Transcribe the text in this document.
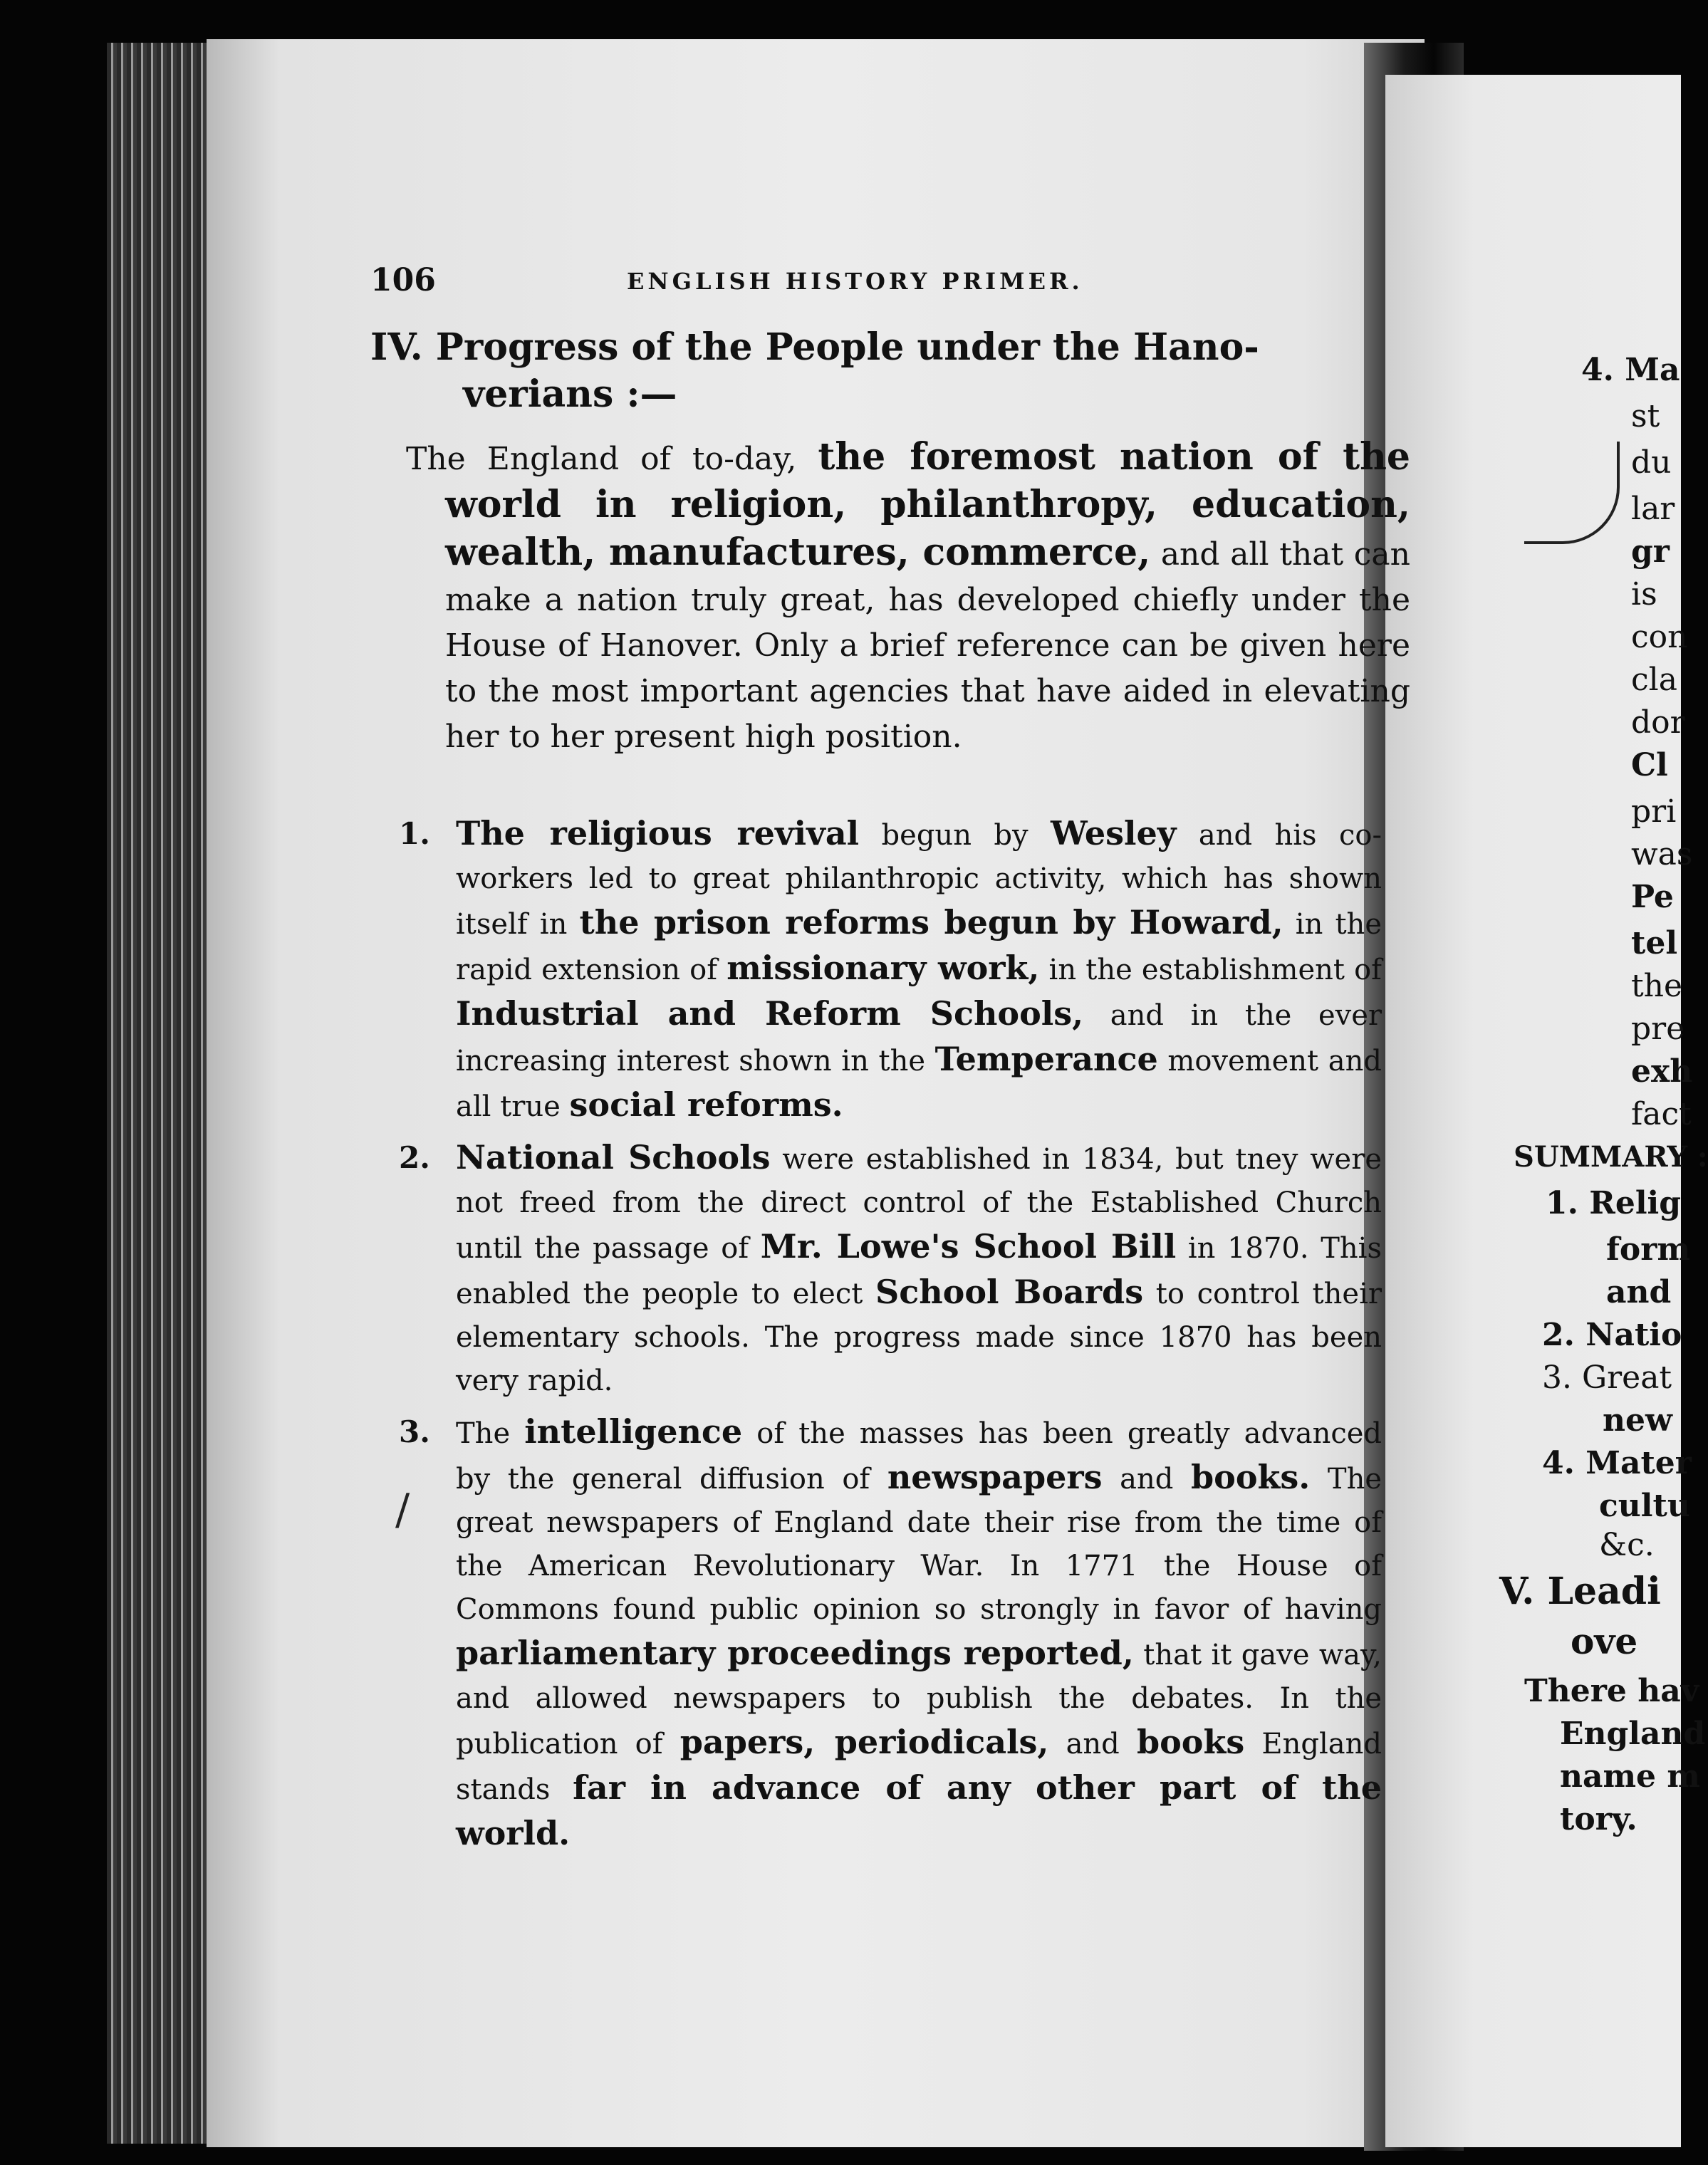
106	ENGLISH HISTORY PRIMER.
IV. Progress of the People under the Hano-
verians :—
The England of to-day, the foremost nation of the world in religion, philanthropy, education, wealth, manufactures, commerce, and all that can make a nation truly great, has developed chiefly under the House of Hanover. Only a brief reference can be given here to the most important agencies that have aided in elevating her to her present high position.
1. The religious revival begun by Wesley and his co-workers led to great philanthropic activity, which has shown itself in the prison reforms begun by Howard, in the rapid extension of missionary work, in the establishment of Industrial and Reform Schools, and in the ever increasing interest shown in the Temperance movement and all true social reforms.
2. National Schools were established in 1834, but tney were not freed from the direct control of the Established Church until the passage of Mr. Lowe's School Bill in 1870. This enabled the people to elect School Boards to control their elementary schools. The progress made since 1870 has been very rapid.
3. The intelligence of the masses has been greatly advanced by the general diffusion of newspapers and books. The great newspapers of England date their rise from the time of the American Revolutionary War. In 1771 the House of Commons found public opinion so strongly in favor of having parliamentary proceedings reported, that it gave way, and allowed newspapers to publish the debates. In the publication of papers, periodicals, and books England stands far in advance of any other part of the world.
4. Ma
st
du
lar
gr
is
con
cla
dor
Cl
pri
was
Pe
tel
the
pre
exh
fact
SUMMARY :
1. Relig
form
and
2. Natio
3. Great
new
4. Mater
cultu
&c.
V. Leadi
ove
There hav
England
name m
tory.
/
